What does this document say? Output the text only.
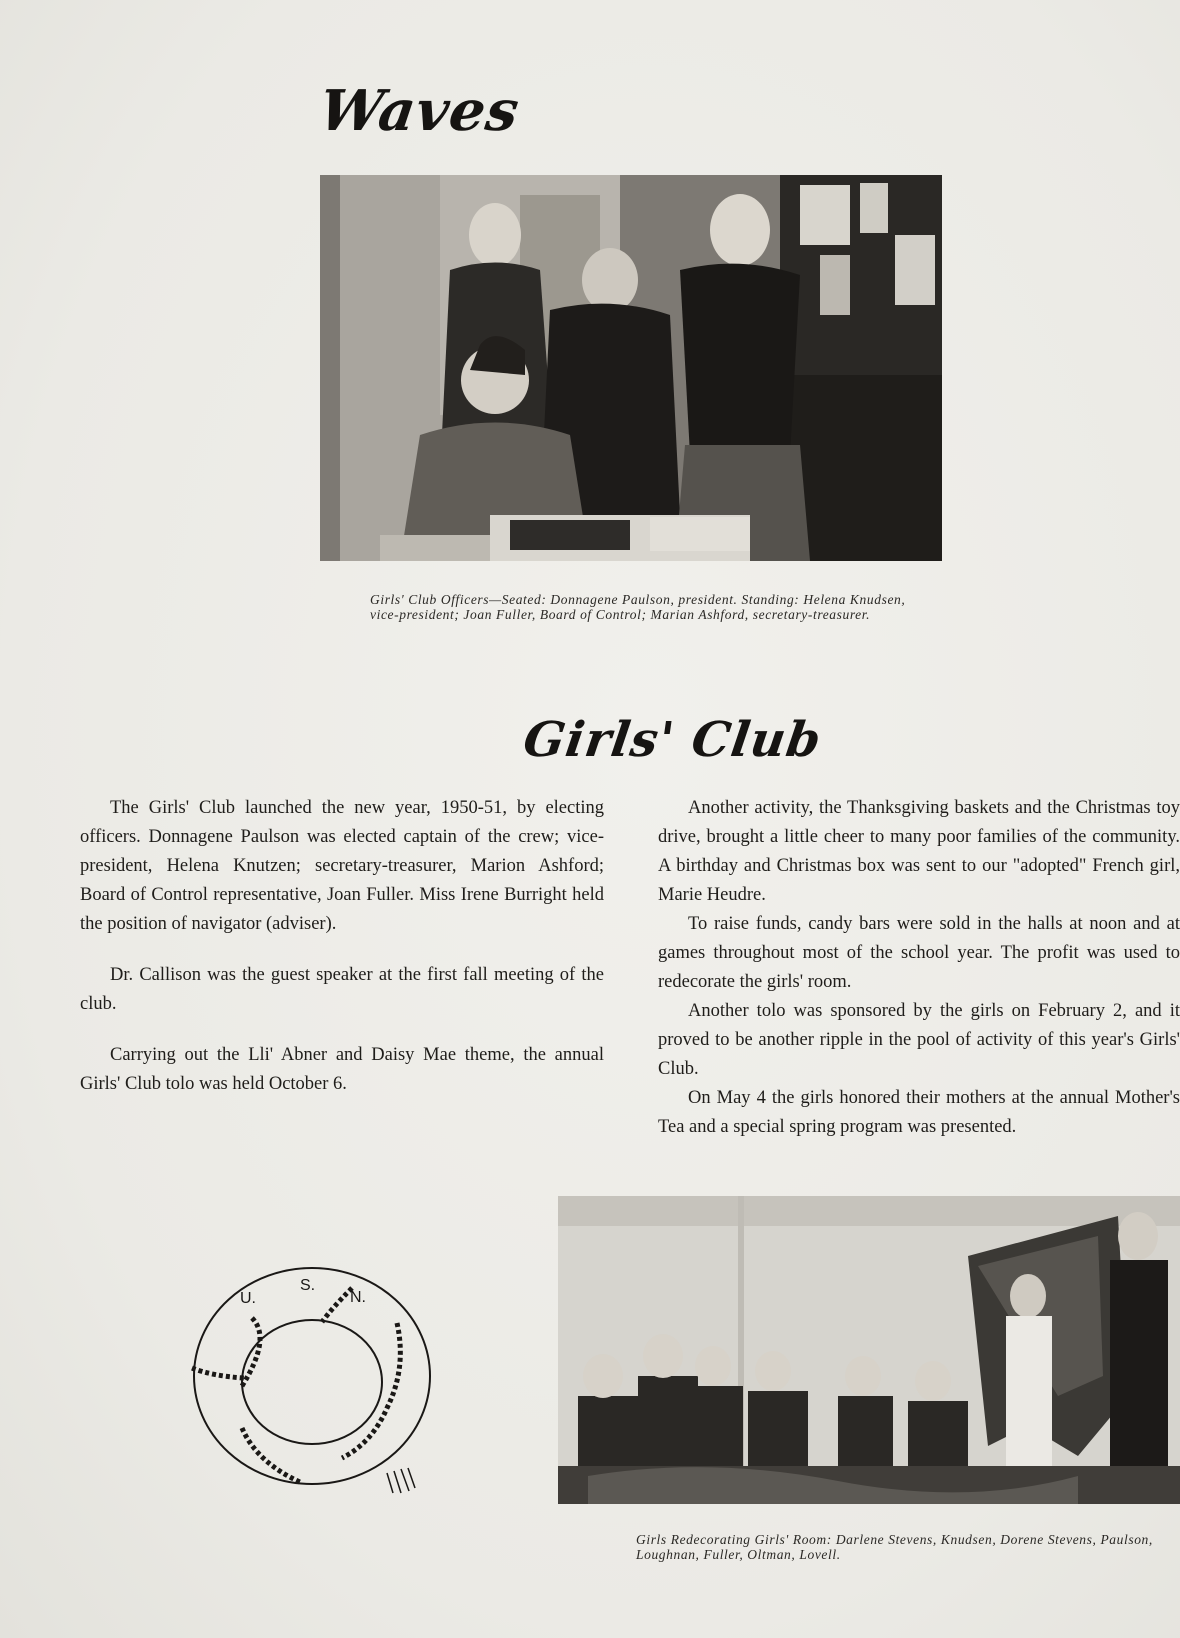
Waves
Girls' Club Officers—Seated: Donnagene Paulson, president. Standing: Helena Knudsen, vice-president; Joan Fuller, Board of Control; Marian Ashford, secretary-treasurer.
Girls' Club

The Girls' Club launched the new year, 1950-51, by electing officers. Donnagene Paulson was elected captain of the crew; vice-president, Helena Knutzen; secretary-treasurer, Marion Ashford; Board of Control representative, Joan Fuller. Miss Irene Burright held the position of navigator (adviser).

Dr. Callison was the guest speaker at the first fall meeting of the club.

Carrying out the Lli' Abner and Daisy Mae theme, the annual Girls' Club tolo was held October 6.

Another activity, the Thanksgiving baskets and the Christmas toy drive, brought a little cheer to many poor families of the community. A birthday and Christmas box was sent to our "adopted" French girl, Marie Heudre.

To raise funds, candy bars were sold in the halls at noon and at games throughout most of the school year. The profit was used to redecorate the girls' room.

Another tolo was sponsored by the girls on February 2, and it proved to be another ripple in the pool of activity of this year's Girls' Club.

On May 4 the girls honored their mothers at the annual Mother's Tea and a special spring program was presented.

U.
S.
N.
Girls Redecorating Girls' Room: Darlene Stevens, Knudsen, Dorene Stevens, Paulson, Loughnan, Fuller, Oltman, Lovell.
